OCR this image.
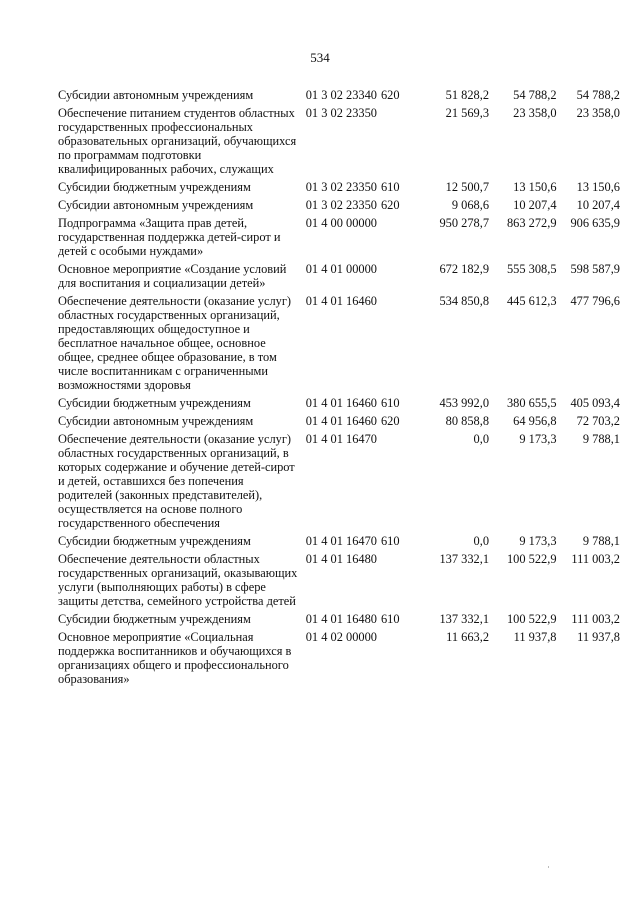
534
Субсидии автономным учреждениям	01 3 02 23340 620	51 828,2	54 788,2	54 788,2
Обеспечение питанием студентов областных государственных профессиональных образовательных организаций, обучающихся по программам подготовки квалифицированных рабочих, служащих	01 3 02 23350	21 569,3	23 358,0	23 358,0
Субсидии бюджетным учреждениям	01 3 02 23350 610	12 500,7	13 150,6	13 150,6
Субсидии автономным учреждениям	01 3 02 23350 620	9 068,6	10 207,4	10 207,4
Подпрограмма «Защита прав детей, государственная поддержка детей-сирот и детей с особыми нуждами»	01 4 00 00000	950 278,7	863 272,9	906 635,9
Основное мероприятие «Создание условий для воспитания и социализации детей»	01 4 01 00000	672 182,9	555 308,5	598 587,9
Обеспечение деятельности (оказание услуг) областных государственных организаций, предоставляющих общедоступное и бесплатное начальное общее, основное общее, среднее общее образование, в том числе воспитанникам с ограниченными возможностями здоровья	01 4 01 16460	534 850,8	445 612,3	477 796,6
Субсидии бюджетным учреждениям	01 4 01 16460 610	453 992,0	380 655,5	405 093,4
Субсидии автономным учреждениям	01 4 01 16460 620	80 858,8	64 956,8	72 703,2
Обеспечение деятельности (оказание услуг) областных государственных организаций, в которых содержание и обучение детей-сирот и детей, оставшихся без попечения родителей (законных представителей), осуществляется на основе полного государственного обеспечения	01 4 01 16470	0,0	9 173,3	9 788,1
Субсидии бюджетным учреждениям	01 4 01 16470 610	0,0	9 173,3	9 788,1
Обеспечение деятельности областных государственных организаций, оказывающих услуги (выполняющих работы) в сфере защиты детства, семейного устройства детей	01 4 01 16480	137 332,1	100 522,9	111 003,2
Субсидии бюджетным учреждениям	01 4 01 16480 610	137 332,1	100 522,9	111 003,2
Основное мероприятие «Социальная поддержка воспитанников и обучающихся в организациях общего и профессионального образования»	01 4 02 00000	11 663,2	11 937,8	11 937,8
